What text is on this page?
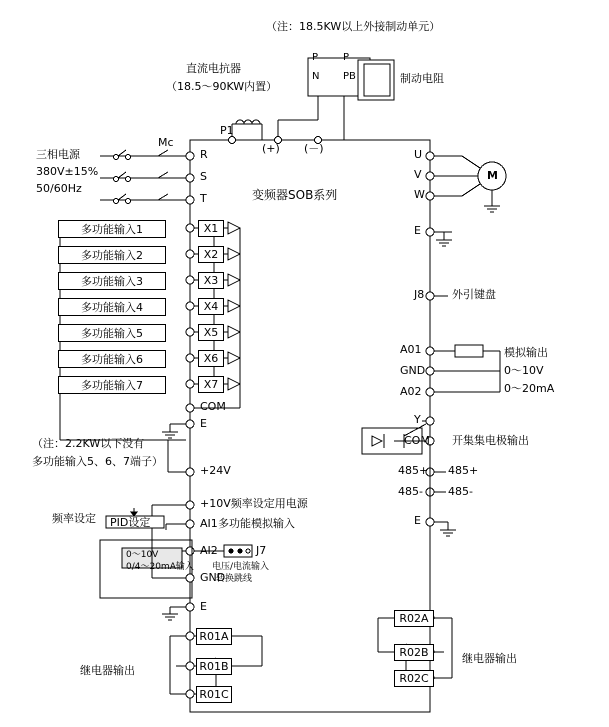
（注：18.5KW以上外接制动单元）
直流电抗器
（18.5～90KW内置）
制动电阻
P P
N PB
P1
(+) (－)
三相电源
380V±15%
50/60Hz
Mc
R
S
T	变频器SOB系列
U
V
W
M
E
多功能输入1
多功能输入2
多功能输入3
多功能输入4
多功能输入5
多功能输入6
多功能输入7
X1
X2
X3
X4
X5
X6
X7
COM
E
（注：2.2KW以下没有
多功能输入5、6、7端子）
+24V
频率设定 PID设定
+10V频率设定用电源
AI1 多功能模拟输入
AI2	J7
电压/电流输入
转换跳线
0～10V
0/4～20mA输入
GND
E
R01A
R01B
R01C
继电器输出
J8	外引键盘
A01
GND
A02
模拟输出
0～10V
0～20mA
Y
COM 开集集电极输出
485+ 485+
485- 485-
E
R02A
R02B
R02C
继电器输出
